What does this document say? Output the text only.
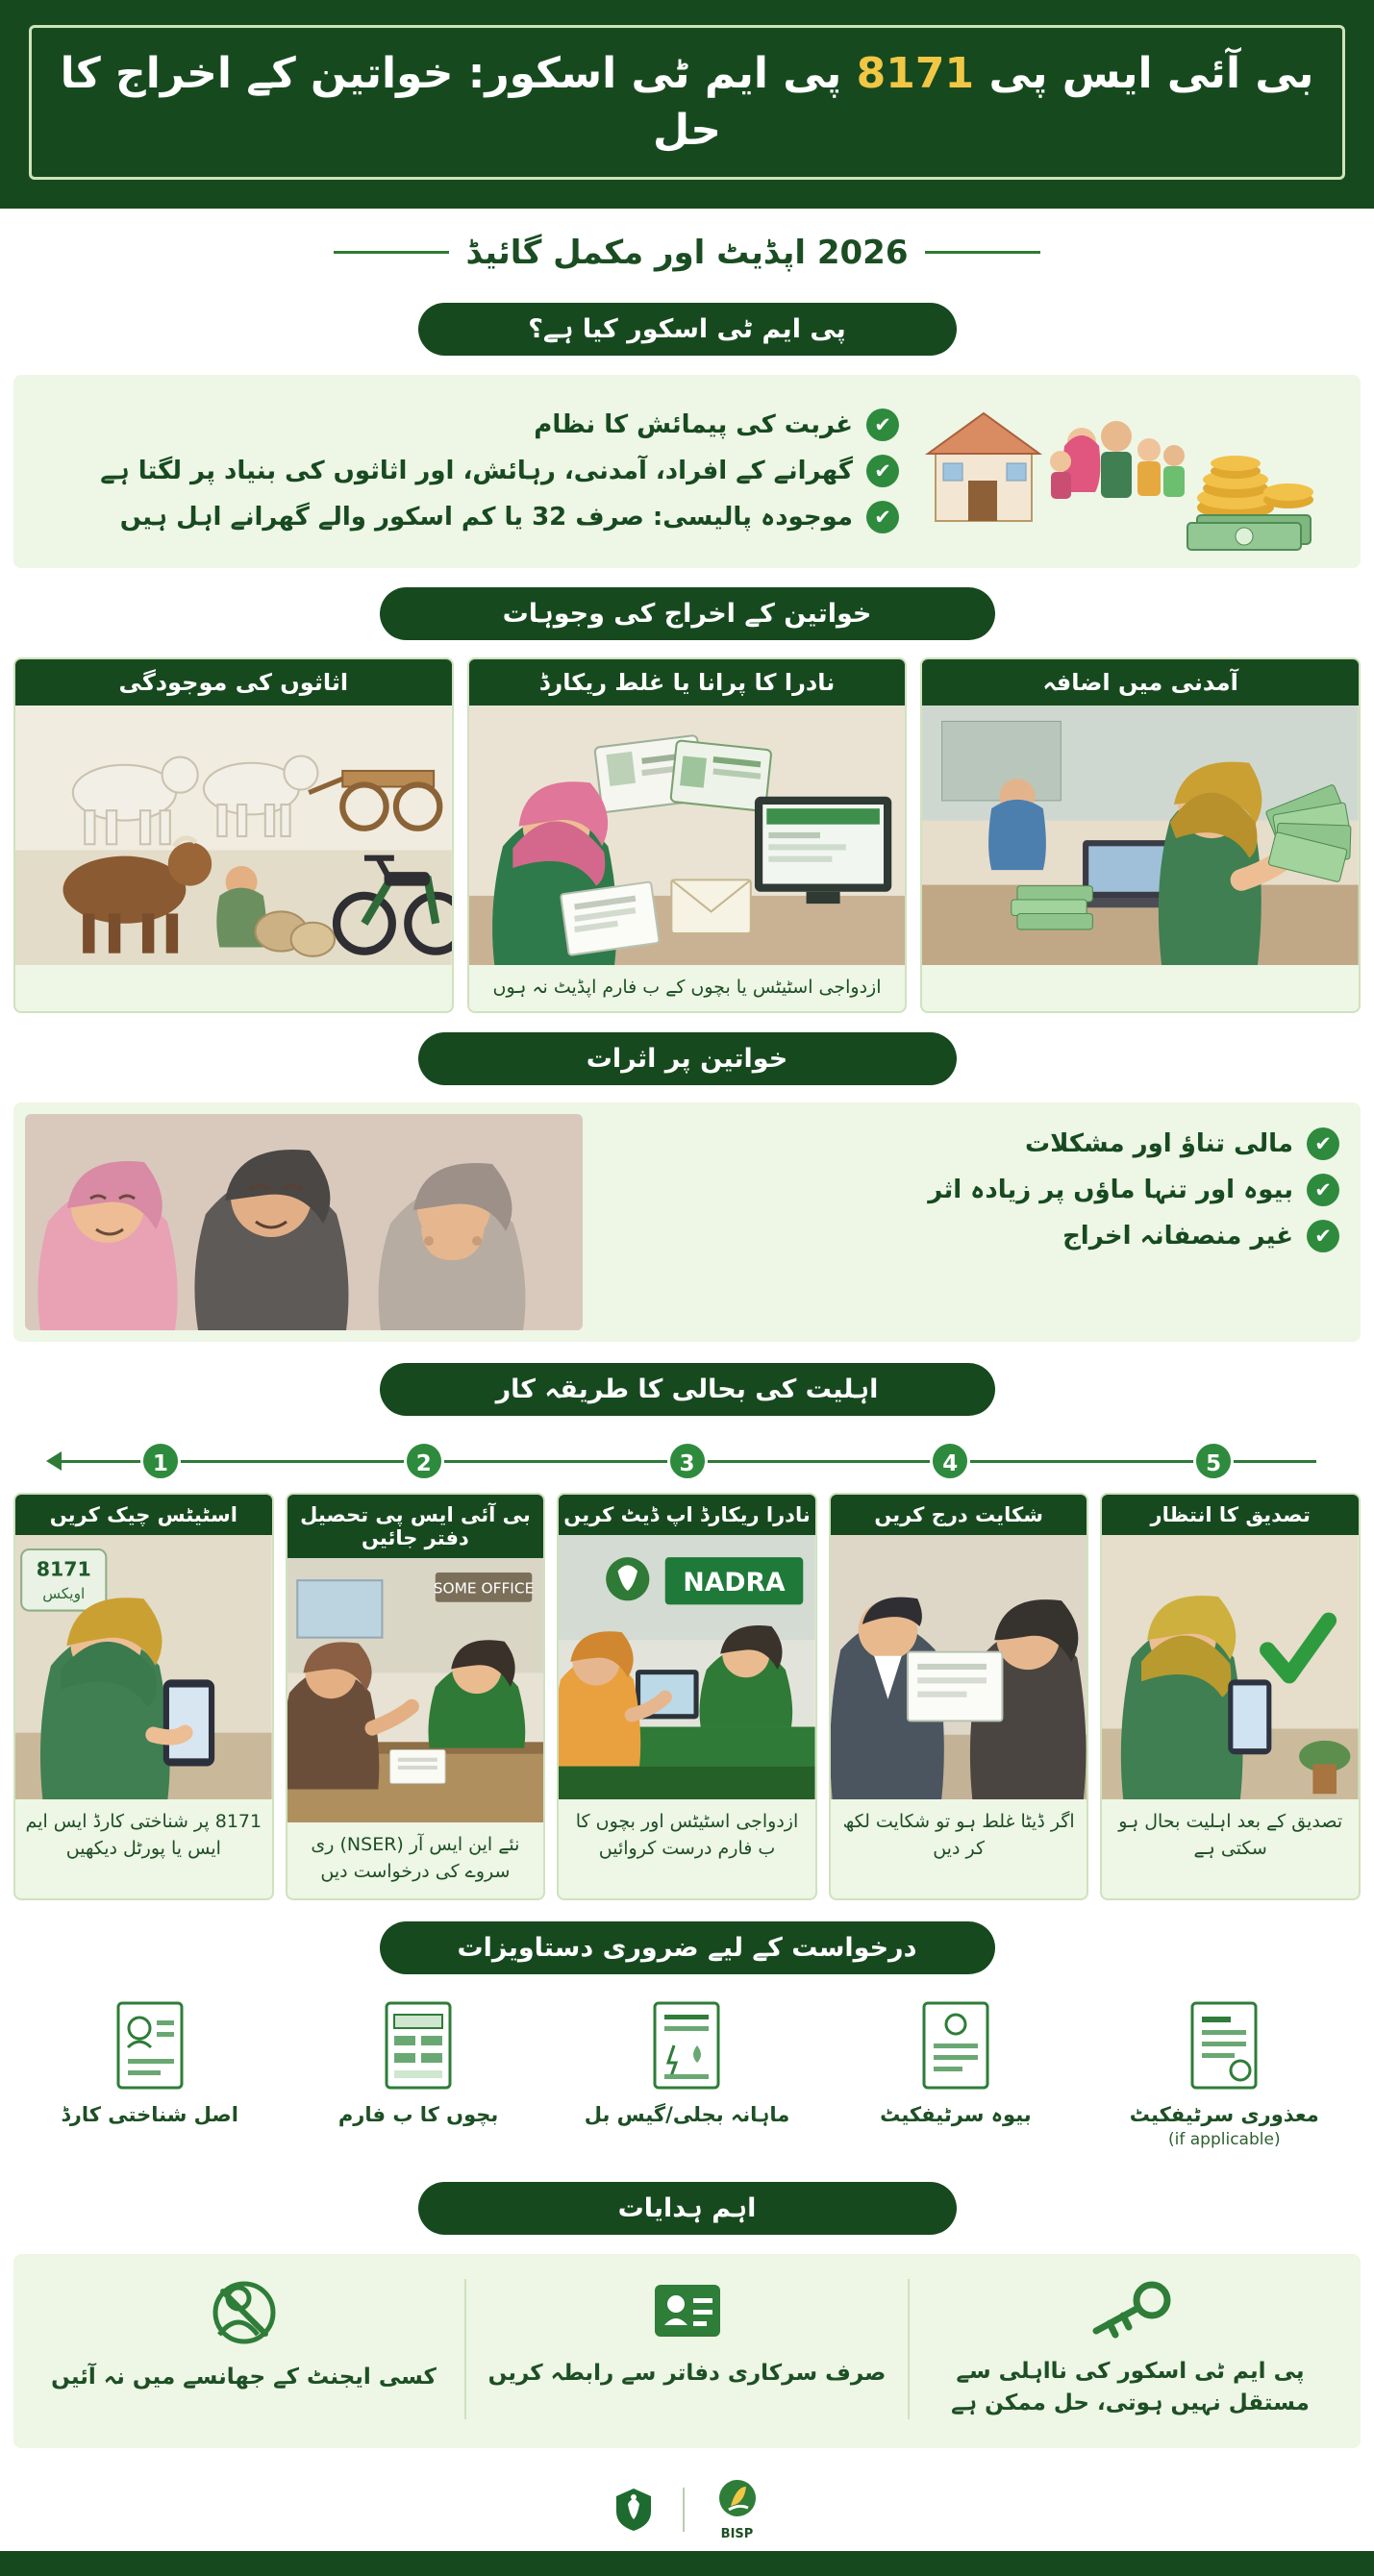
بی آئی ایس پی 8171 پی ایم ٹی اسکور: خواتین کے اخراج کا حل
2026 اپڈیٹ اور مکمل گائیڈ
پی ایم ٹی اسکور کیا ہے؟
✔
غربت کی پیمائش کا نظام
✔
گھرانے کے افراد، آمدنی، رہائش، اور اثاثوں کی بنیاد پر لگتا ہے
✔
موجودہ پالیسی: صرف 32 یا کم اسکور والے گھرانے اہل ہیں
خواتین کے اخراج کی وجوہات
آمدنی میں اضافہ
نادرا کا پرانا یا غلط ریکارڈ
ازدواجی اسٹیٹس یا بچوں کے ب فارم اپڈیٹ نہ ہوں
اثاثوں کی موجودگی
خواتین پر اثرات
✔
مالی تناؤ اور مشکلات
✔
بیوہ اور تنہا ماؤں پر زیادہ اثر
✔
غیر منصفانہ اخراج
اہلیت کی بحالی کا طریقہ کار
5
4
3
2
1
تصدیق کا انتظار
تصدیق کے بعد اہلیت بحال ہو سکتی ہے
شکایت درج کریں
اگر ڈیٹا غلط ہو تو شکایت لکھ کر دیں
نادرا ریکارڈ اپ ڈیٹ کریں
NADRA
ازدواجی اسٹیٹس اور بچوں کا ب فارم درست کروائیں
بی آئی ایس پی تحصیل دفتر جائیں
SOME OFFICE
نئے این ایس آر (NSER) ری سروے کی درخواست دیں
اسٹیٹس چیک کریں
8171
اویکس
8171 پر شناختی کارڈ ایس ایم ایس یا پورٹل دیکھیں
درخواست کے لیے ضروری دستاویزات
معذوری سرٹیفکیٹ
(if applicable)
بیوہ سرٹیفکیٹ
ماہانہ بجلی/گیس بل
بچوں کا ب فارم
اصل شناختی کارڈ
اہم ہدایات
پی ایم ٹی اسکور کی نااہلی سے مستقل نہیں ہوتی، حل ممکن ہے
صرف سرکاری دفاتر سے رابطہ کریں
کسی ایجنٹ کے جھانسے میں نہ آئیں
BISP
